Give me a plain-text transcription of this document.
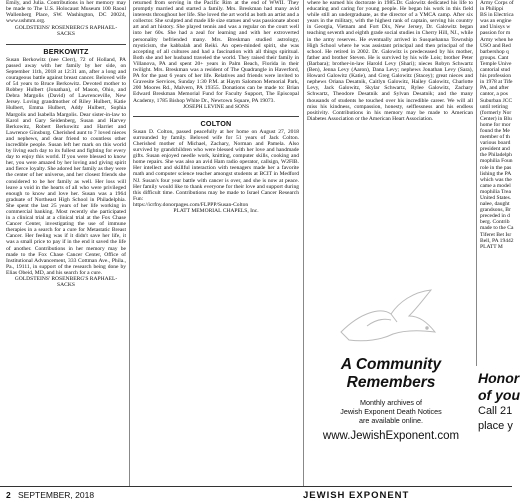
Emily, and Julia. Contributions in her memory may be made to The U.S. Holocaust Museum 100 Raoul Wallenberg Place, SW. Washington, DC 20024, www.ushmm.org.

GOLDSTEINS' ROSENBERG'S RAPHAEL-SACKS

BERKOWITZ

Susan Berkowitz (nee Clerr), 72 of Holland, PA passed away with her family by her side, on September 11th, 2018 at 12:31 am, after a long and courageous battle against breast cancer. Beloved wife of 54 years to Bruce Berkowitz. Devoted mother to Robbey Hulbert (Jonathan), of Mason, Ohio, and Debra Margolis (David) of Lawrenceville, New Jersey. Loving grandmother of Riley Hulbert, Katie Hulbert, Emma Hulbert, Addy Hulbert, Sophia Margolis and Isabella Margolis. Dear sister-in-law to Karol and Gary Seidenberg, Susan and Harvey Berkowitz, Robert Berkowitz and Harriet and Lawrence Ginsburg. Cherished aunt to 7 loved nieces and nephews, and dear friend to countless other incredible people. Susan left her mark on this world by living each day to its fullest and fighting for every day to enjoy this world. If you were blessed to know her, you were amazed by her loving and giving spirit and fierce loyalty. She adored her family as they were the center of her universe, and her closest friends she considered to be her family as well. Her loss will leave a void in the hearts of all who were privileged enough to know and love her. Susan was a 1964 graduate of Northeast High School in Philadelphia. She spent the last 25 years of her life working in commercial banking. Most recently she participated in a clinical trial at a clinical trial at the Fox Chase Cancer Center, investigating the use of immune therapies in a search for a cure for Metastatic Breast Cancer. Her feeling was if it didn't save her life, it was a small price to pay if in the end it saved the life of another. Contributions in her memory may be made to the Fox Chase Cancer Center, Office of Institutional Advancement, 333 Cottman Ave., Phila., Pa., 19111, in support of the research being done by Elias Obeid, MD, and his search for a cure.

GOLDSTEINS' ROSENBERG'S RAPHAEL-SACKS

returned from serving in the Pacific Rim at the end of WWII. They promptly married and started a family. Mrs. Breskman had many avid interests throughout her life. She loved the art world as both an artist and a collector. She sculpted and made life size statues and was passionate about art and art history. She played tennis and was a regular on the court well into her 60s. She had a zeal for learning and with her extroverted personality befriended many. Mrs. Breskman studied astrology, mysticism, the kabbalah and Reiki. An open-minded spirit, she was accepting of all cultures and had a fascination with all things spiritual. Both she and her husband traveled the world. They raised their family in Villanova, PA and spent 20+ years in Palm Beach, Florida in their twilight. Mrs. Breskman was a resident of The Quadrangle in Haverford, PA for the past 6 years of her life. Relatives and friends were invited to Gravesite Services, Sunday 1:30 P.M. at Haym Salomon Memorial Park, 200 Moores Rd., Malvern, PA 19355. Donations can be made to: Brian Edward Breskman Memorial Fund for Faculty Support, The Episcopal Academy, 1785 Bishop White Dr., Newtown Square, PA 19073.

JOSEPH LEVINE and SONS

COLTON

Susan D. Colton, passed peacefully at her home on August 27, 2018 surrounded by family. Beloved wife for 51 years of Jack Colton. Cherished mother of Michael, Zachary, Norman and Pamela. Also survived by grandchildren who were blessed with her love and handmade gifts. Susan enjoyed needle work, knitting, computer skills, cooking and home repairs. She was also an avid Ham radio operator, callsign, W2FIB. Her intellect and skillful interaction with teenagers made her a favorite math and computer science teacher amongst students at BCIT in Medford NJ. Susan's four year battle with cancer is over, and she is now at peace. Her family would like to thank everyone for their love and support during this difficult time. Contributions may be made to Israel Cancer Research Fun:

https://icrfny.donorpages.com/FLPPP/Susan-Colton

PLATT MEMORIAL CHAPELS, Inc.

where he earned his doctorate in 1985.Dr. Galowitz dedicated his life to educating and caring for young people. He began his work in this field while still an undergraduate, as the director of a YMCA camp. After six years in the military, with the highest rank of captain, serving his country in Georgia, Vietnam and Fort Dix, New Jersey, Dr. Galowitz began teaching seventh and eighth grade social studies in Cherry Hill, NJ., while in the army reserves. He eventually arrived in Susquehanna Township High School where he was assistant principal and then principal of the school. He retired in 2002. Dr. Galowitz is predeceased by his mother, father and brother Steven. He is survived by his wife Lois; brother Peter (Barbara); brother-in-law Harold Levy (Shari); nieces Robyn Schwartz (Ben), Jenna Levy (Aaron), Dana Levy; nephews Jonathan Levy (Sara), Howard Galowitz (Katie), and Greg Galowitz (Stacey); great nieces and nephews Oriana Desatnik, Caitlyn Galowitz, Hailey Galowitz, Charlotte Levy, Jack Galowitz, Skylar Schwartz, Rylee Galowitz, Zachary Schwartz, Theodore Desatnik and Sylvan Desatnik; and the many thousands of students he touched over his incredible career. We will all miss his kindness, compassion, honesty, selflessness and his endless positivity. Contributions in his memory may be made to American Diabetes Association or the American Heart Association.

A Community

Remembers

Monthly archives of

Jewish Exponent Death Notices

are available online.

www.JewishExponent.com

Army Corps of
in Philippi
BS in Electrica
was an engine
and Unisys w
passion for m
Army when he
USO and Red
barbershop q
groups. Cant
Temple Unive
cantorial stud
his profession
in 1978 at Tife
PA, and after
cantor, a pos
Suburban JCC
until retiring
(formerly Nor
Center) in Blu
home for mor
found the Me
member of th
various board
president and
the Philadelph
mophilia Foun
role in the pas
lishing the PA
which was the
came a model
mophilia Trea
United States.
nalee, daught
grandsons, Br
preceded in d
berg. Contrib
made to the Ca
Tiferet Bet Isr
Bell, PA 19442
PLATT M

Honor

of you

Call 21

place y

2 SEPTEMBER, 2018	JEWISH EXPONENT
